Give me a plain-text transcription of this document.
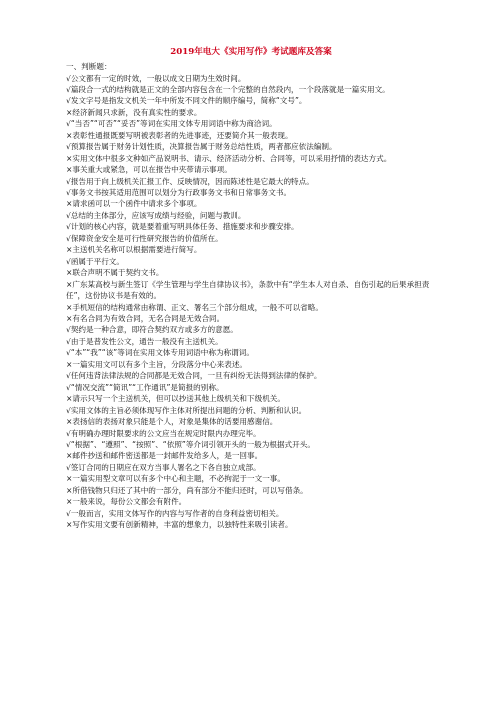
2019年电大《实用写作》考试题库及答案

一、判断题：

√公文都有一定的时效，一般以成文日期为生效时间。
√篇段合一式的结构就是正文的全部内容包含在一个完整的自然段内，一个段落就是一篇实用文。
√发文字号是指发文机关一年中所发不同文件的顺序编号，简称“文号”。
×经济新闻只求新，没有真实性的要求。
√“当否”“可否”“妥否”等词在实用文体专用词语中称为商洽词。
×表彰性通报既要写明被表彰者的先进事迹，还要简介其一般表现。
√预算报告属于财务计划性质，决算报告属于财务总结性质，两者都应依法编制。
×实用文体中很多文种如产品说明书、请示、经济活动分析、合同等，可以采用抒情的表达方式。
×事关重大或紧急，可以在报告中夹带请示事项。
√报告用于向上级机关汇报工作、反映情况，因而陈述性是它最大的特点。
√事务文书按其适用范围可以划分为行政事务文书和日常事务文书。
×请求函可以一个函件中请求多个事项。
√总结的主体部分，应该写成绩与经验，问题与教训。
√计划的核心内容，就是要着重写明具体任务、措施要求和步骤安排。
√保障资金安全是可行性研究报告的价值所在。
×主送机关名称可以根据需要进行简写。
√函属于平行文。
×联合声明不属于契约文书。
×广东某高校与新生签订《学生管理与学生自律协议书》，条款中有“学生本人对自杀、自伤引起的后果承担责任”，这份协议书是有效的。
×手机短信的结构通常由称谓、正文、署名三个部分组成，一般不可以省略。
×有名合同为有效合同，无名合同是无效合同。
√契约是一种合意，即符合契约双方或多方的意愿。
√由于是普发性公文，通告一般没有主送机关。
√“本”“我”“该”等词在实用文体专用词语中称为称谓词。
×一篇实用文可以有多个主旨，分段落分中心来表述。
√任何违背法律法规的合同都是无效合同，一旦有纠纷无法得到法律的保护。
√“情况交流”“简讯”“工作通讯”是简报的别称。
×请示只写一个主送机关，但可以抄送其他上级机关和下级机关。
√实用文体的主旨必须体现写作主体对所提出问题的分析、判断和认识。
×表扬信的表扬对象只能是个人，对象是集体的话要用感谢信。
√有明确办理时限要求的公文应当在规定时限内办理完毕。
√“根据”、“遵照”、“按照”、“依照”等介词引领开头的一般为根据式开头。
×邮件抄送和邮件密送都是一封邮件发给多人，是一回事。
√签订合同的日期应在双方当事人署名之下各自独立成部。
×一篇实用型文章可以有多个中心和主题，不必拘泥于一文一事。
×所借钱物只归还了其中的一部分，尚有部分不能归还时，可以写借条。
×一般来说，每份公文都会有附件。
√一般而言，实用文体写作的内容与写作者的自身利益密切相关。
×写作实用文要有创新精神，丰富的想象力，以独特性来吸引读者。
